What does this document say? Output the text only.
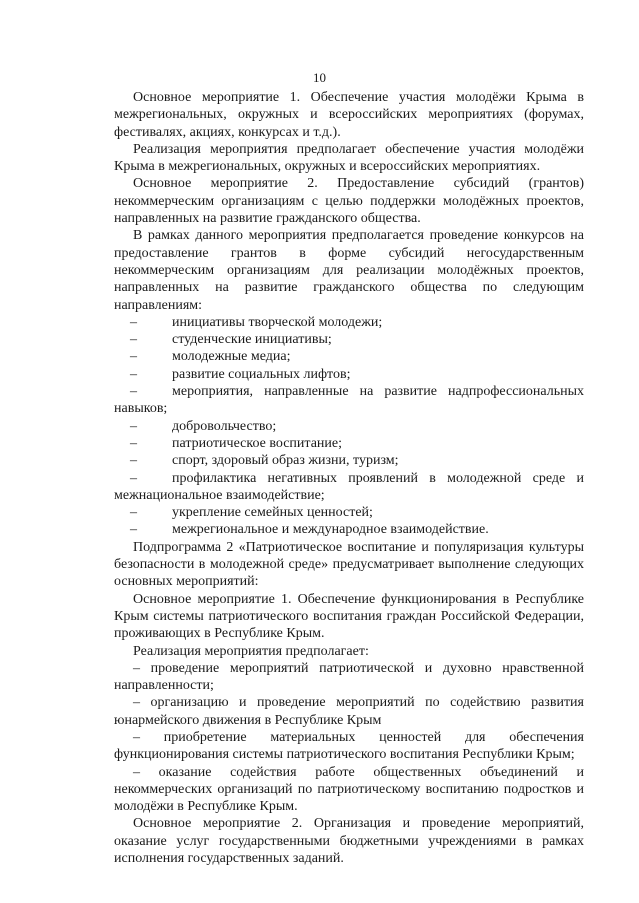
10

Основное мероприятие 1. Обеспечение участия молодёжи Крыма в межрегиональных, окружных и всероссийских мероприятиях (форумах, фестивалях, акциях, конкурсах и т.д.).

Реализация мероприятия предполагает обеспечение участия молодёжи Крыма в межрегиональных, окружных и всероссийских мероприятиях.

Основное мероприятие 2. Предоставление субсидий (грантов) некоммерческим организациям с целью поддержки молодёжных проектов, направленных на развитие гражданского общества.

В рамках данного мероприятия предполагается проведение конкурсов на предоставление грантов в форме субсидий негосударственным некоммерческим организациям для реализации молодёжных проектов, направленных на развитие гражданского общества по следующим направлениям:

–	инициативы творческой молодежи;

–	студенческие инициативы;

–	молодежные медиа;

–	развитие социальных лифтов;

–	мероприятия, направленные на развитие надпрофессиональных навыков;

–	добровольчество;

–	патриотическое воспитание;

–	спорт, здоровый образ жизни, туризм;

–	профилактика негативных проявлений в молодежной среде и межнациональное взаимодействие;

–	укрепление семейных ценностей;

–	межрегиональное и международное взаимодействие.

Подпрограмма 2 «Патриотическое воспитание и популяризация культуры безопасности в молодежной среде» предусматривает выполнение следующих основных мероприятий:

Основное мероприятие 1. Обеспечение функционирования в Республике Крым системы патриотического воспитания граждан Российской Федерации, проживающих в Республике Крым.

Реализация мероприятия предполагает:

– проведение мероприятий патриотической и духовно нравственной направленности;

– организацию и проведение мероприятий по содействию развития юнармейского движения в Республике Крым

– приобретение материальных ценностей для обеспечения функционирования системы патриотического воспитания Республики Крым;

– оказание содействия работе общественных объединений и некоммерческих организаций по патриотическому воспитанию подростков и молодёжи в Республике Крым.

Основное мероприятие 2. Организация и проведение мероприятий, оказание услуг государственными бюджетными учреждениями в рамках исполнения государственных заданий.
